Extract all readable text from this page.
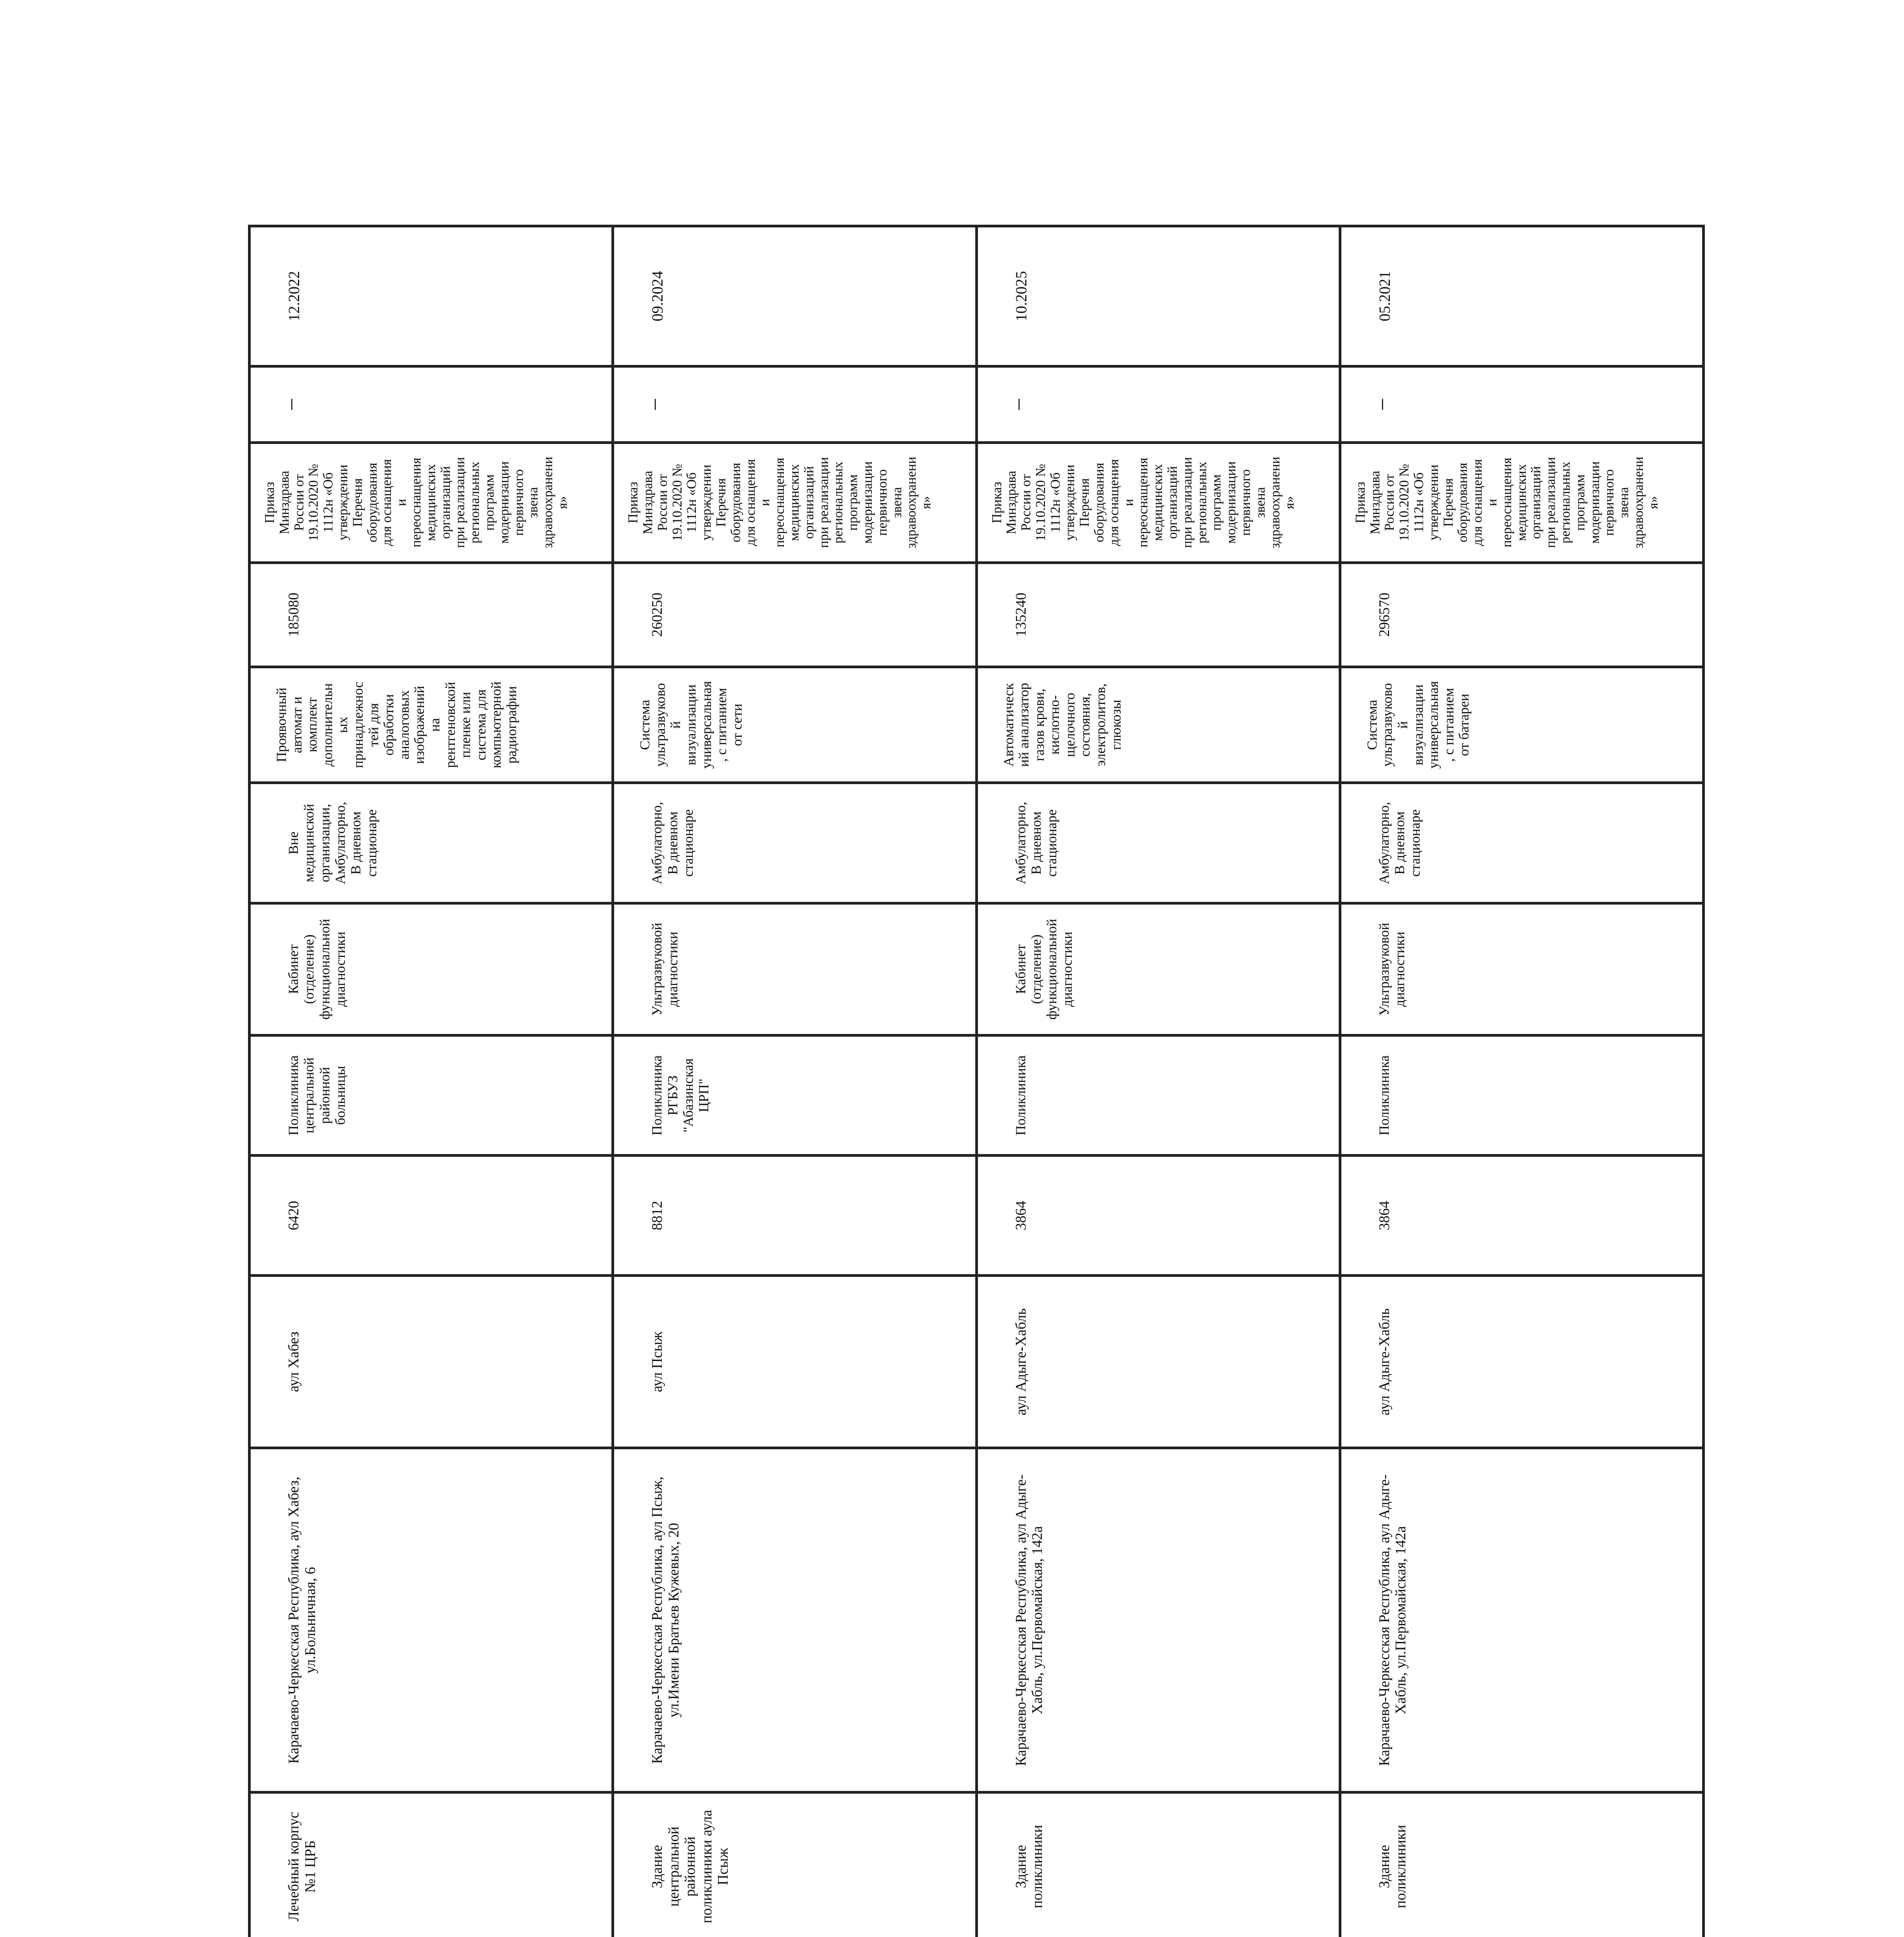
				Лечебный корпус №1 ЦРБ	Карачаево-Черкесская Республика, аул Хабез, ул.Больничная, 6	аул Хабез	6420	Поликлиника центральной районной больницы	Кабинет (отделение) функциональной диагностики	Вне медицинской организации, Амбулаторно, В дневном стационаре	Проявочный автомат и комплект дополнительных принадлежностей для обработки аналоговых изображений на рентгеновской пленке или система для компьютерной радиографии	185080	Приказ Минздрава России от 19.10.2020 № 1112н «Об утверждении Перечня оборудования для оснащения и переоснащения медицинских организаций при реализации региональных программ модернизации первичного звена здравоохранения»	–	12.2022
				Здание центральной районной поликлиники аула Псыж	Карачаево-Черкесская Республика, аул Псыж, ул.Имени Братьев Кужевых, 20	аул Псыж	8812	Поликлиника РГБУЗ "Абазинская ЦРП"	Ультразвуковой диагностики	Амбулаторно, В дневном стационаре	Система ультразвуковой визуализации универсальная, с питанием от сети	260250	Приказ Минздрава России от 19.10.2020 № 1112н «Об утверждении Перечня оборудования для оснащения и переоснащения медицинских организаций при реализации региональных программ модернизации первичного звена здравоохранения»	–	09.2024
				Здание поликлиники	Карачаево-Черкесская Республика, аул Адыге-Хабль, ул.Первомайская, 142а	аул Адыге-Хабль	3864	Поликлиника	Кабинет (отделение) функциональной диагностики	Амбулаторно, В дневном стационаре	Автоматический анализатор газов крови, кислотно-щелочного состояния, электролитов, глюкозы	135240	Приказ Минздрава России от 19.10.2020 № 1112н «Об утверждении Перечня оборудования для оснащения и переоснащения медицинских организаций при реализации региональных программ модернизации первичного звена здравоохранения»	–	10.2025
				Здание поликлиники	Карачаево-Черкесская Республика, аул Адыге-Хабль, ул.Первомайская, 142а	аул Адыге-Хабль	3864	Поликлиника	Ультразвуковой диагностики	Амбулаторно, В дневном стационаре	Система ультразвуковой визуализации универсальная, с питанием от батареи	296570	Приказ Минздрава России от 19.10.2020 № 1112н «Об утверждении Перечня оборудования для оснащения и переоснащения медицинских организаций при реализации региональных программ модернизации первичного звена здравоохранения»	–	05.2021
